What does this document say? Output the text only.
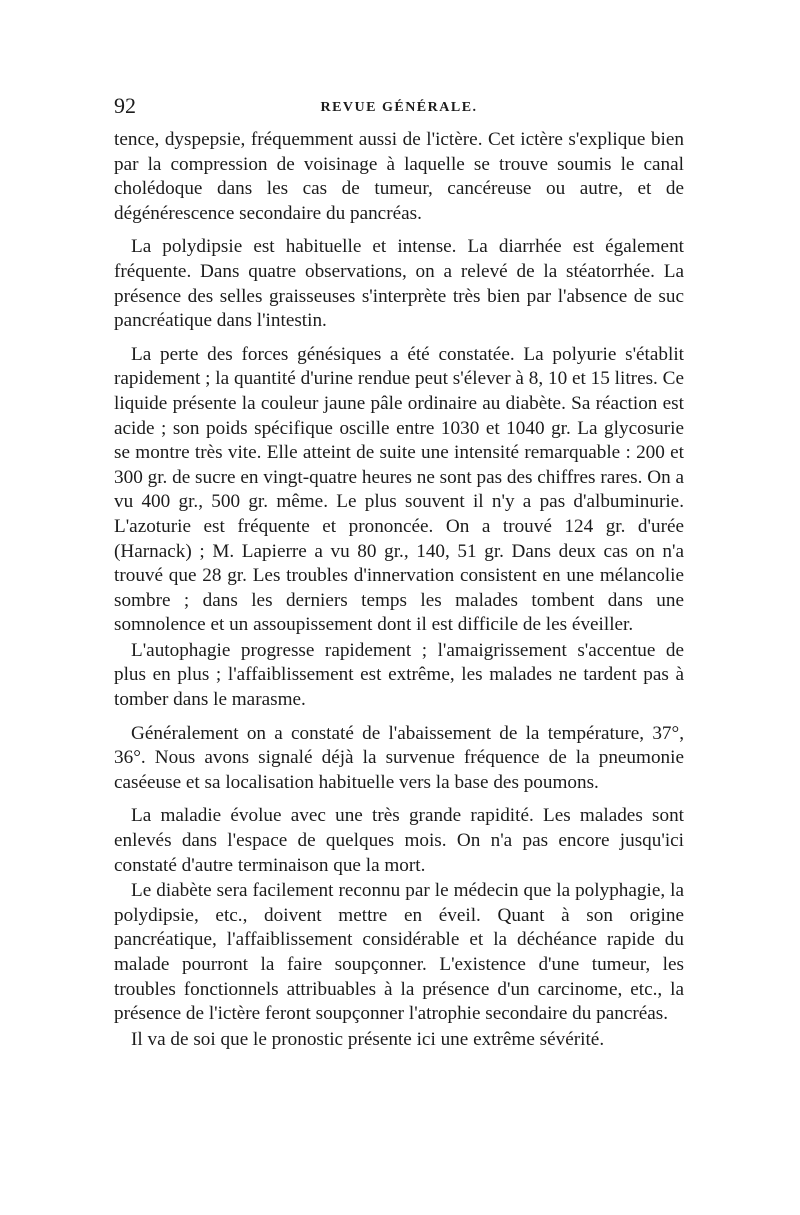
92	REVUE GÉNÉRALE.

tence, dyspepsie, fréquemment aussi de l'ictère. Cet ictère s'explique bien par la compression de voisinage à laquelle se trouve soumis le canal cholédoque dans les cas de tumeur, cancéreuse ou autre, et de dégénérescence secondaire du pancréas.

La polydipsie est habituelle et intense. La diarrhée est également fréquente. Dans quatre observations, on a relevé de la stéatorrhée. La présence des selles graisseuses s'interprète très bien par l'absence de suc pancréatique dans l'intestin.

La perte des forces génésiques a été constatée. La polyurie s'établit rapidement ; la quantité d'urine rendue peut s'élever à 8, 10 et 15 litres. Ce liquide présente la couleur jaune pâle ordinaire au diabète. Sa réaction est acide ; son poids spécifique oscille entre 1030 et 1040 gr. La glycosurie se montre très vite. Elle atteint de suite une intensité remarquable : 200 et 300 gr. de sucre en vingt-quatre heures ne sont pas des chiffres rares. On a vu 400 gr., 500 gr. même. Le plus souvent il n'y a pas d'albuminurie. L'azoturie est fréquente et prononcée. On a trouvé 124 gr. d'urée (Harnack) ; M. Lapierre a vu 80 gr., 140, 51 gr. Dans deux cas on n'a trouvé que 28 gr. Les troubles d'innervation consistent en une mélancolie sombre ; dans les derniers temps les malades tombent dans une somnolence et un assoupissement dont il est difficile de les éveiller.

L'autophagie progresse rapidement ; l'amaigrissement s'accentue de plus en plus ; l'affaiblissement est extrême, les malades ne tardent pas à tomber dans le marasme.

Généralement on a constaté de l'abaissement de la température, 37°, 36°. Nous avons signalé déjà la survenue fréquence de la pneumonie caséeuse et sa localisation habituelle vers la base des poumons.

La maladie évolue avec une très grande rapidité. Les malades sont enlevés dans l'espace de quelques mois. On n'a pas encore jusqu'ici constaté d'autre terminaison que la mort.

Le diabète sera facilement reconnu par le médecin que la polyphagie, la polydipsie, etc., doivent mettre en éveil. Quant à son origine pancréatique, l'affaiblissement considérable et la déchéance rapide du malade pourront la faire soupçonner. L'existence d'une tumeur, les troubles fonctionnels attribuables à la présence d'un carcinome, etc., la présence de l'ictère feront soupçonner l'atrophie secondaire du pancréas.

Il va de soi que le pronostic présente ici une extrême sévérité.
